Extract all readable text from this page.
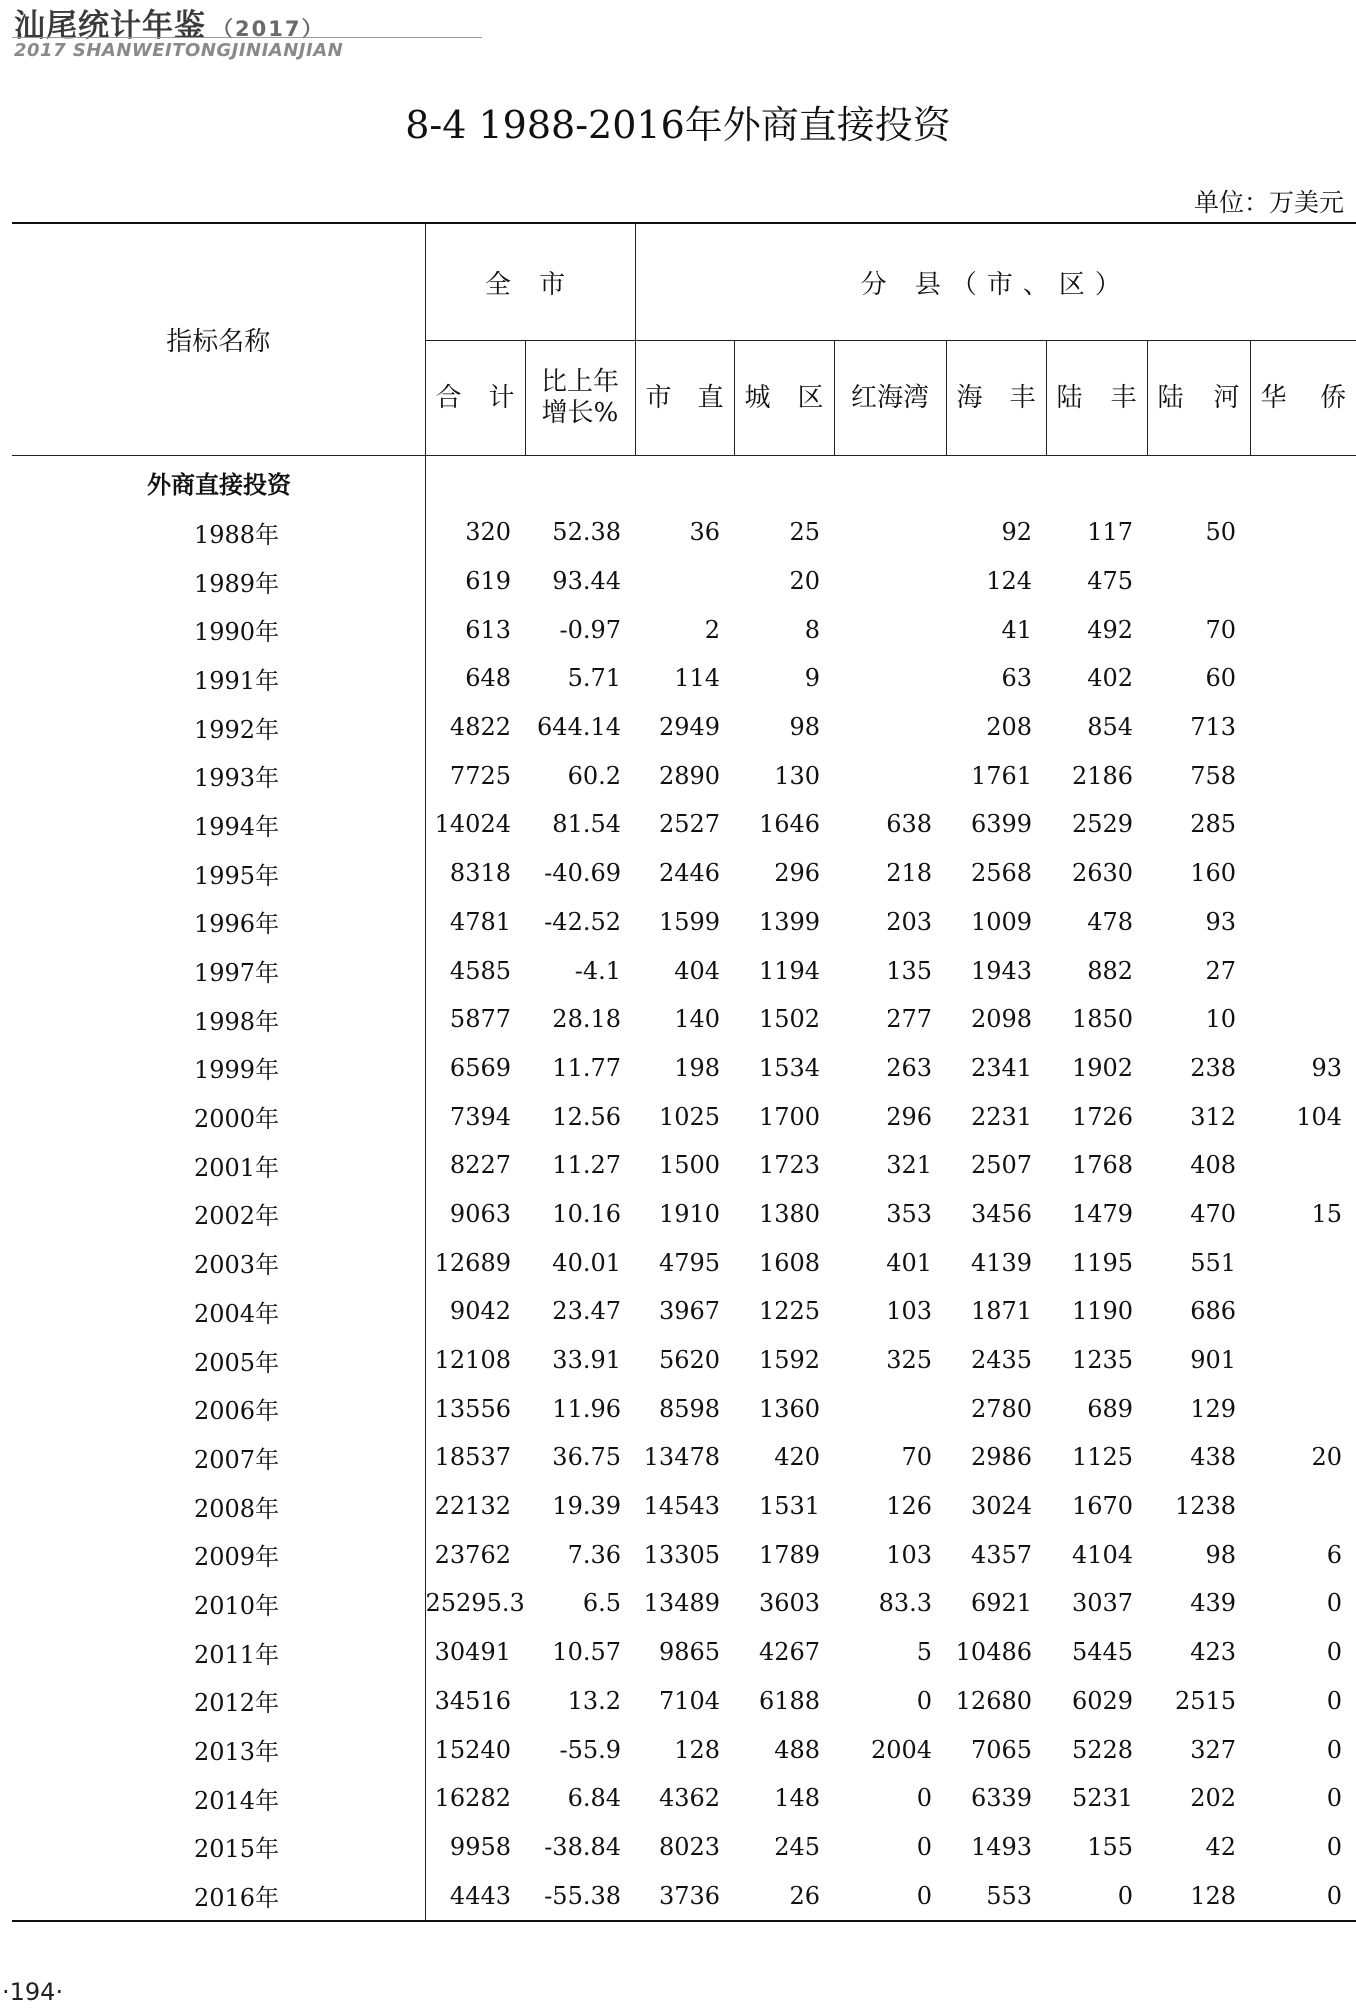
汕尾统计年鉴 （2017）
2017 SHANWEITONGJINIANJIAN
8-4 1988-2016年外商直接投资
单位：万美元
指标名称	全 市		分 县（市、区）						
	合计	比上年
增长%	市直	城区	红海湾	海丰	陆丰	陆河	华侨
外商直接投资									
1988年	320	52.38	36	25		92	117	50	
1989年	619	93.44		20		124	475		
1990年	613	-0.97	2	8		41	492	70	
1991年	648	5.71	114	9		63	402	60	
1992年	4822	644.14	2949	98		208	854	713	
1993年	7725	60.2	2890	130		1761	2186	758	
1994年	14024	81.54	2527	1646	638	6399	2529	285	
1995年	8318	-40.69	2446	296	218	2568	2630	160	
1996年	4781	-42.52	1599	1399	203	1009	478	93	
1997年	4585	-4.1	404	1194	135	1943	882	27	
1998年	5877	28.18	140	1502	277	2098	1850	10	
1999年	6569	11.77	198	1534	263	2341	1902	238	93
2000年	7394	12.56	1025	1700	296	2231	1726	312	104
2001年	8227	11.27	1500	1723	321	2507	1768	408	
2002年	9063	10.16	1910	1380	353	3456	1479	470	15
2003年	12689	40.01	4795	1608	401	4139	1195	551	
2004年	9042	23.47	3967	1225	103	1871	1190	686	
2005年	12108	33.91	5620	1592	325	2435	1235	901	
2006年	13556	11.96	8598	1360		2780	689	129	
2007年	18537	36.75	13478	420	70	2986	1125	438	20
2008年	22132	19.39	14543	1531	126	3024	1670	1238	
2009年	23762	7.36	13305	1789	103	4357	4104	98	6
2010年	25295.3	6.5	13489	3603	83.3	6921	3037	439	0
2011年	30491	10.57	9865	4267	5	10486	5445	423	0
2012年	34516	13.2	7104	6188	0	12680	6029	2515	0
2013年	15240	-55.9	128	488	2004	7065	5228	327	0
2014年	16282	6.84	4362	148	0	6339	5231	202	0
2015年	9958	-38.84	8023	245	0	1493	155	42	0
2016年	4443	-55.38	3736	26	0	553	0	128	0
·194·
